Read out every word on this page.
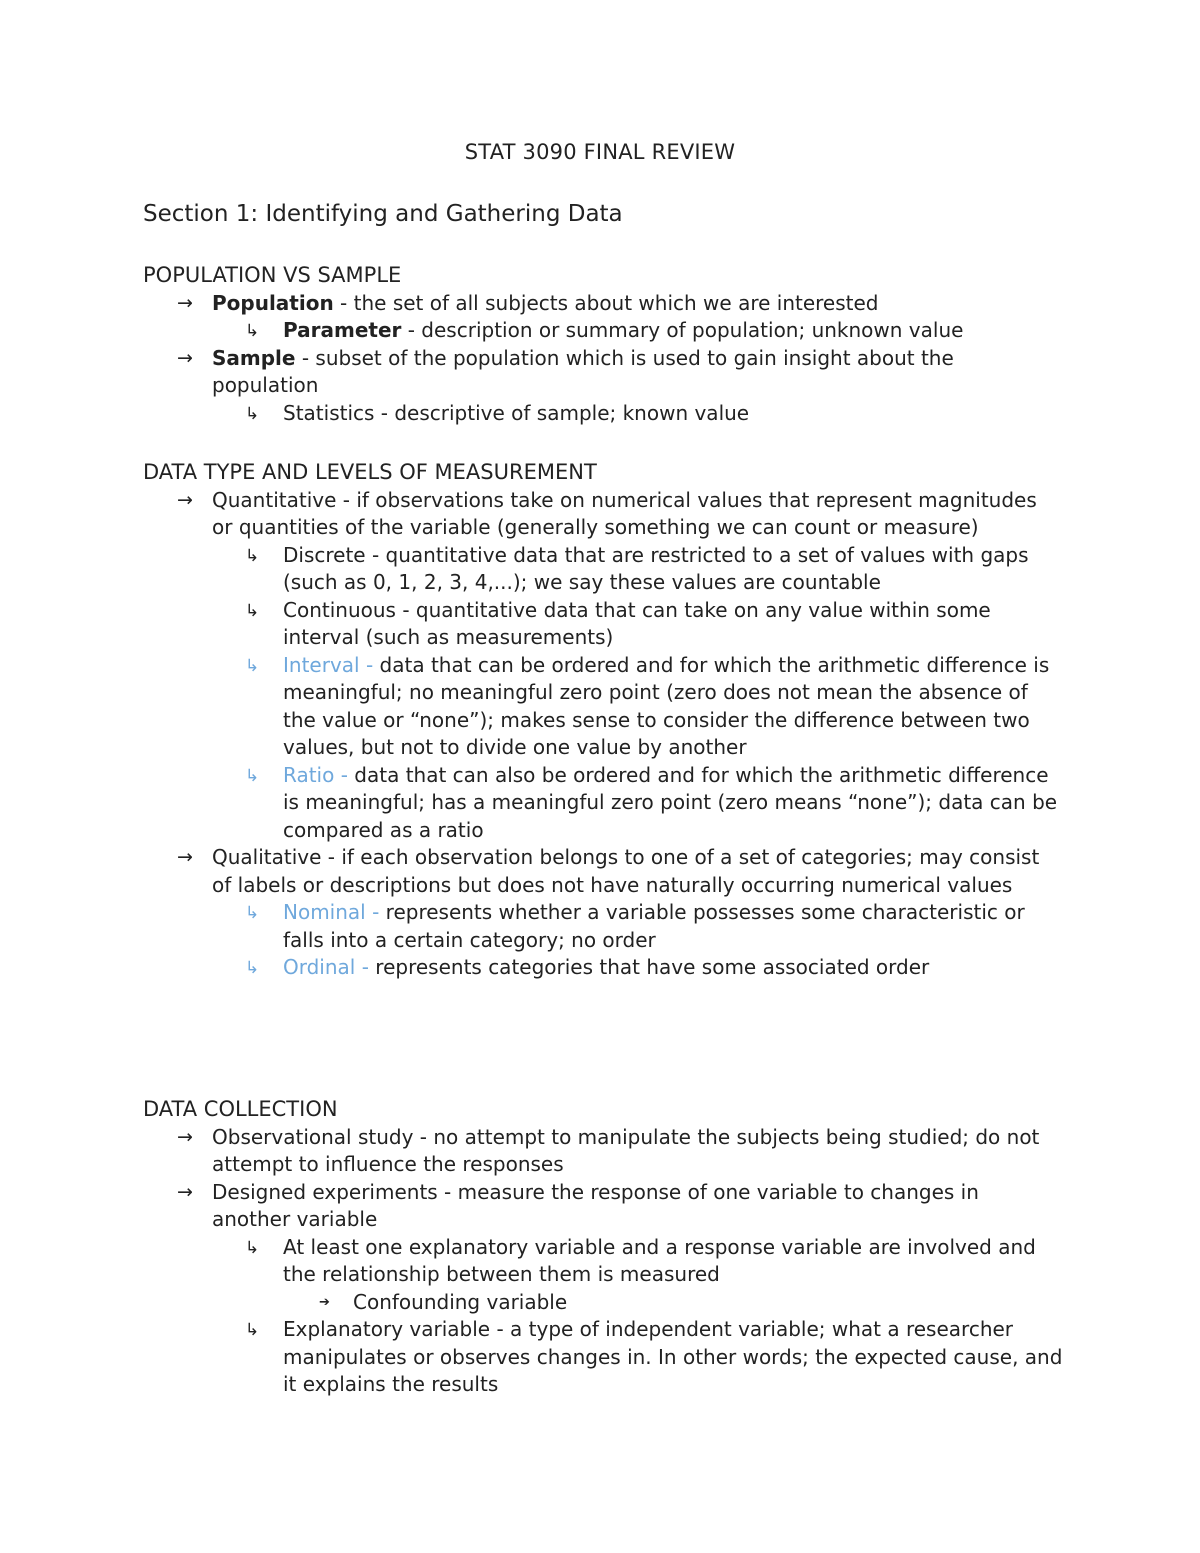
STAT 3090 FINAL REVIEW
Section 1: Identifying and Gathering Data
POPULATION VS SAMPLE
→ Population - the set of all subjects about which we are interested
↳ Parameter - description or summary of population; unknown value
→ Sample - subset of the population which is used to gain insight about the population
↳ Statistics - descriptive of sample; known value
DATA TYPE AND LEVELS OF MEASUREMENT
→ Quantitative - if observations take on numerical values that represent magnitudes or quantities of the variable (generally something we can count or measure)
↳ Discrete - quantitative data that are restricted to a set of values with gaps (such as 0, 1, 2, 3, 4,...); we say these values are countable
↳ Continuous - quantitative data that can take on any value within some interval (such as measurements)
↳ Interval - data that can be ordered and for which the arithmetic difference is meaningful; no meaningful zero point (zero does not mean the absence of the value or “none”); makes sense to consider the difference between two values, but not to divide one value by another
↳ Ratio - data that can also be ordered and for which the arithmetic difference is meaningful; has a meaningful zero point (zero means “none”); data can be compared as a ratio
→ Qualitative - if each observation belongs to one of a set of categories; may consist of labels or descriptions but does not have naturally occurring numerical values
↳ Nominal - represents whether a variable possesses some characteristic or falls into a certain category; no order
↳ Ordinal - represents categories that have some associated order
DATA COLLECTION
→ Observational study - no attempt to manipulate the subjects being studied; do not attempt to influence the responses
→ Designed experiments - measure the response of one variable to changes in another variable
↳ At least one explanatory variable and a response variable are involved and the relationship between them is measured
➔ Confounding variable
↳ Explanatory variable - a type of independent variable; what a researcher manipulates or observes changes in. In other words; the expected cause, and it explains the results
